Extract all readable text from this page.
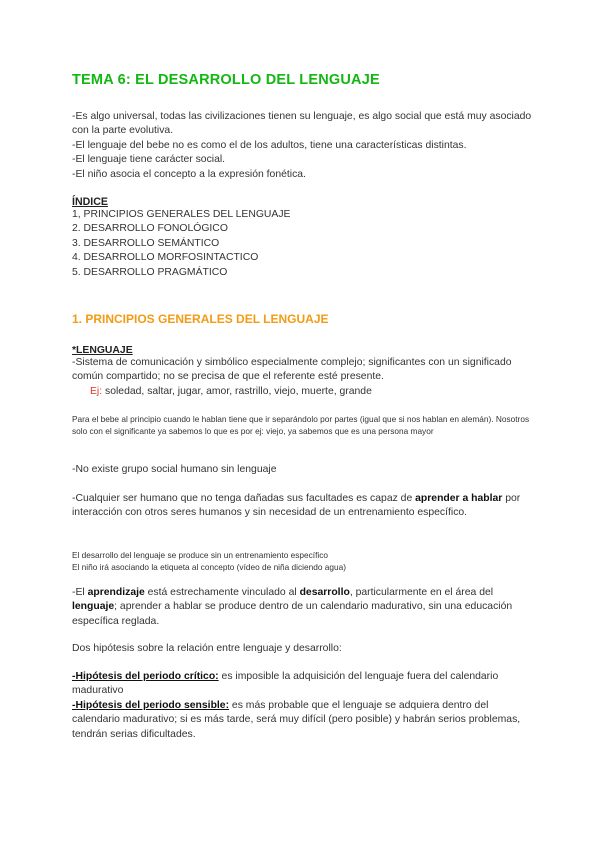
TEMA 6: EL DESARROLLO DEL LENGUAJE

-Es algo universal, todas las civilizaciones tienen su lenguaje, es algo social que está muy asociado con la parte evolutiva.

-El lenguaje del bebe no es como el de los adultos, tiene una características distintas.

-El lenguaje tiene carácter social.

-El niño asocia el concepto a la expresión fonética.

ÍNDICE

1, PRINCIPIOS GENERALES DEL LENGUAJE

2. DESARROLLO FONOLÓGICO

3. DESARROLLO SEMÁNTICO

4. DESARROLLO MORFOSINTACTICO

5. DESARROLLO PRAGMÁTICO

1. PRINCIPIOS GENERALES DEL LENGUAJE
*LENGUAJE

-Sistema de comunicación y simbólico especialmente complejo; significantes con un significado común compartido; no se precisa de que el referente esté presente.

Ej: soledad, saltar, jugar, amor, rastrillo, viejo, muerte, grande

Para el bebe al principio cuando le hablan tiene que ir separándolo por partes (igual que si nos hablan en alemán). Nosotros solo con el significante ya sabemos lo que es por ej: viejo, ya sabemos que es una persona mayor

-No existe grupo social humano sin lenguaje

-Cualquier ser humano que no tenga dañadas sus facultades es capaz de aprender a hablar por interacción con otros seres humanos y sin necesidad de un entrenamiento específico.

El desarrollo del lenguaje se produce sin un entrenamiento específico

El niño irá asociando la etiqueta al concepto (vídeo de niña diciendo agua)

-El aprendizaje está estrechamente vinculado al desarrollo, particularmente en el área del lenguaje; aprender a hablar se produce dentro de un calendario madurativo, sin una educación específica reglada.

Dos hipótesis sobre la relación entre lenguaje y desarrollo:

-Hipótesis del periodo crítico: es imposible la adquisición del lenguaje fuera del calendario madurativo

-Hipótesis del periodo sensible: es más probable que el lenguaje se adquiera dentro del calendario madurativo; si es más tarde, será muy difícil (pero posible) y habrán serios problemas, tendrán serias dificultades.
